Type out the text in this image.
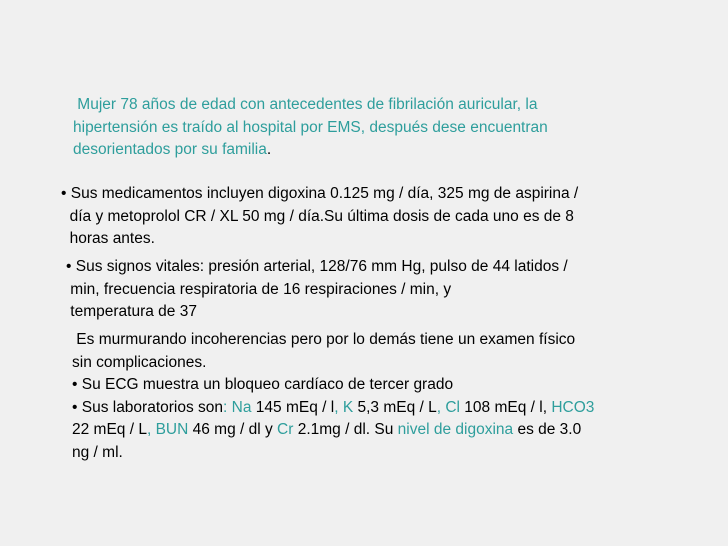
Mujer 78 años de edad con antecedentes de fibrilación auricular, la
hipertensión es traído al hospital por EMS, después dese encuentran
desorientados por su familia.

• Sus medicamentos incluyen digoxina 0.125 mg / día, 325 mg de aspirina /
día y metoprolol CR / XL 50 mg / día.Su última dosis de cada uno es de 8
horas antes.

• Sus signos vitales: presión arterial, 128/76 mm Hg, pulso de 44 latidos /
min, frecuencia respiratoria de 16 respiraciones / min, y
temperatura de 37

Es murmurando incoherencias pero por lo demás tiene un examen físico
sin complicaciones.
• Su ECG muestra un bloqueo cardíaco de tercer grado
• Sus laboratorios son: Na 145 mEq / l, K 5,3 mEq / L, Cl 108 mEq / l, HCO3
22 mEq / L, BUN 46 mg / dl y Cr 2.1mg / dl. Su nivel de digoxina es de 3.0
ng / ml.
